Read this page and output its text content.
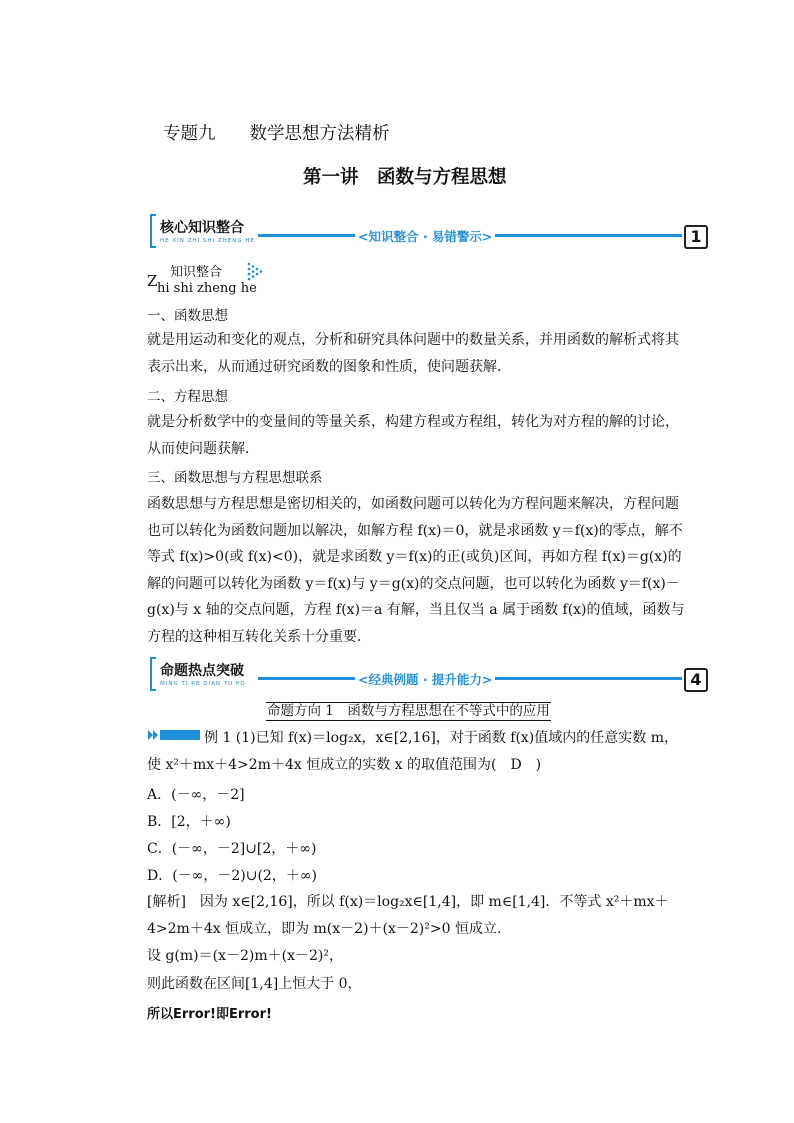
专题九 数学思想方法精析
第一讲　函数与方程思想
核心知识整合
HE XIN ZHI SHI ZHENG HE	<知识整合 · 易错警示>	1
Z hi shi zheng he
知识整合
一、函数思想

就是用运动和变化的观点，分析和研究具体问题中的数量关系，并用函数的解析式将其表示出来，从而通过研究函数的图象和性质，使问题获解．

二、方程思想

就是分析数学中的变量间的等量关系，构建方程或方程组，转化为对方程的解的讨论，从而使问题获解．

三、函数思想与方程思想联系

函数思想与方程思想是密切相关的，如函数问题可以转化为方程问题来解决，方程问题也可以转化为函数问题加以解决，如解方程 f(x)＝0，就是求函数 y＝f(x)的零点，解不等式 f(x)>0(或 f(x)<0)，就是求函数 y＝f(x)的正(或负)区间，再如方程 f(x)＝g(x)的解的问题可以转化为函数 y＝f(x)与 y＝g(x)的交点问题，也可以转化为函数 y＝f(x)－g(x)与 x 轴的交点问题，方程 f(x)＝a 有解，当且仅当 a 属于函数 f(x)的值域，函数与方程的这种相互转化关系十分重要．

命题热点突破
MING TI RE DIAN TU PO	<经典例题 · 提升能力>	4
命题方向 1　函数与方程思想在不等式中的应用

例 1 (1)已知 f(x)＝log₂x，x∈[2,16]，对于函数 f(x)值域内的任意实数 m，使 x²＋mx＋4>2m＋4x 恒成立的实数 x 的取值范围为(　D　)

A．(－∞，－2]
B．[2，＋∞)
C．(－∞，－2]∪[2，＋∞)
D．(－∞，－2)∪(2，＋∞)

[解析]　因为 x∈[2,16]，所以 f(x)＝log₂x∈[1,4]，即 m∈[1,4]．不等式 x²＋mx＋4>2m＋4x 恒成立，即为 m(x－2)＋(x－2)²>0 恒成立．

设 g(m)＝(x－2)m＋(x－2)²，
则此函数在区间[1,4]上恒大于 0，
所以Error!即Error!
